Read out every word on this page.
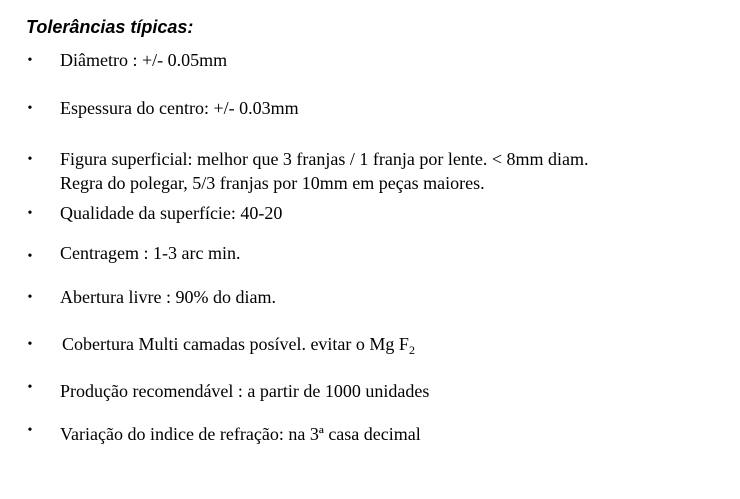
Tolerâncias típicas:
• Diâmetro : +/- 0.05mm
• Espessura do centro: +/- 0.03mm
• Figura superficial: melhor que 3 franjas / 1 franja por lente. < 8mm diam.
Regra do polegar, 5/3 franjas por 10mm em peças maiores.
• Qualidade da superfície: 40-20
• Centragem : 1-3 arc min.
• Abertura livre : 90% do diam.
• Cobertura Multi camadas posível. evitar o Mg $F_2$
• Produção recomendável : a partir de 1000 unidades
• Variação do indice de refração: na 3ª casa decimal
